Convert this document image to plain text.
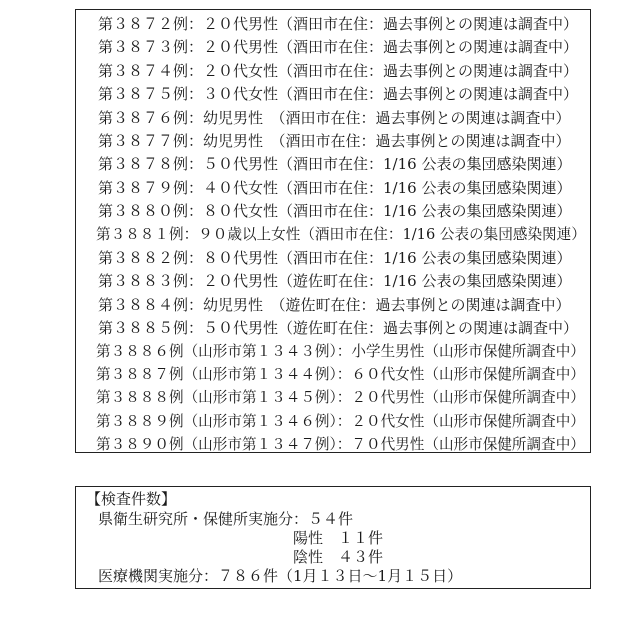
第３８７２例：２０代男性（酒田市在住：過去事例との関連は調査中）
第３８７３例：２０代男性（酒田市在住：過去事例との関連は調査中）
第３８７４例：２０代女性（酒田市在住：過去事例との関連は調査中）
第３８７５例：３０代女性（酒田市在住：過去事例との関連は調査中）
第３８７６例：幼児男性　（酒田市在住：過去事例との関連は調査中）
第３８７７例：幼児男性　（酒田市在住：過去事例との関連は調査中）
第３８７８例：５０代男性（酒田市在住：1/16 公表の集団感染関連）
第３８７９例：４０代女性（酒田市在住：1/16 公表の集団感染関連）
第３８８０例：８０代女性（酒田市在住：1/16 公表の集団感染関連）
第３８８１例：９０歳以上女性（酒田市在住：1/16 公表の集団感染関連）
第３８８２例：８０代男性（酒田市在住：1/16 公表の集団感染関連）
第３８８３例：２０代男性（遊佐町在住：1/16 公表の集団感染関連）
第３８８４例：幼児男性　（遊佐町在住：過去事例との関連は調査中）
第３８８５例：５０代男性（遊佐町在住：過去事例との関連は調査中）
第３８８６例（山形市第１３４３例）：小学生男性（山形市保健所調査中）
第３８８７例（山形市第１３４４例）：６０代女性（山形市保健所調査中）
第３８８８例（山形市第１３４５例）：２０代男性（山形市保健所調査中）
第３８８９例（山形市第１３４６例）：２０代女性（山形市保健所調査中）
第３８９０例（山形市第１３４７例）：７０代男性（山形市保健所調査中）
【検査件数】
県衛生研究所・保健所実施分：５４件
陽性　１１件
陰性　４３件
医療機関実施分：７８６件（1月１３日～1月１５日）
